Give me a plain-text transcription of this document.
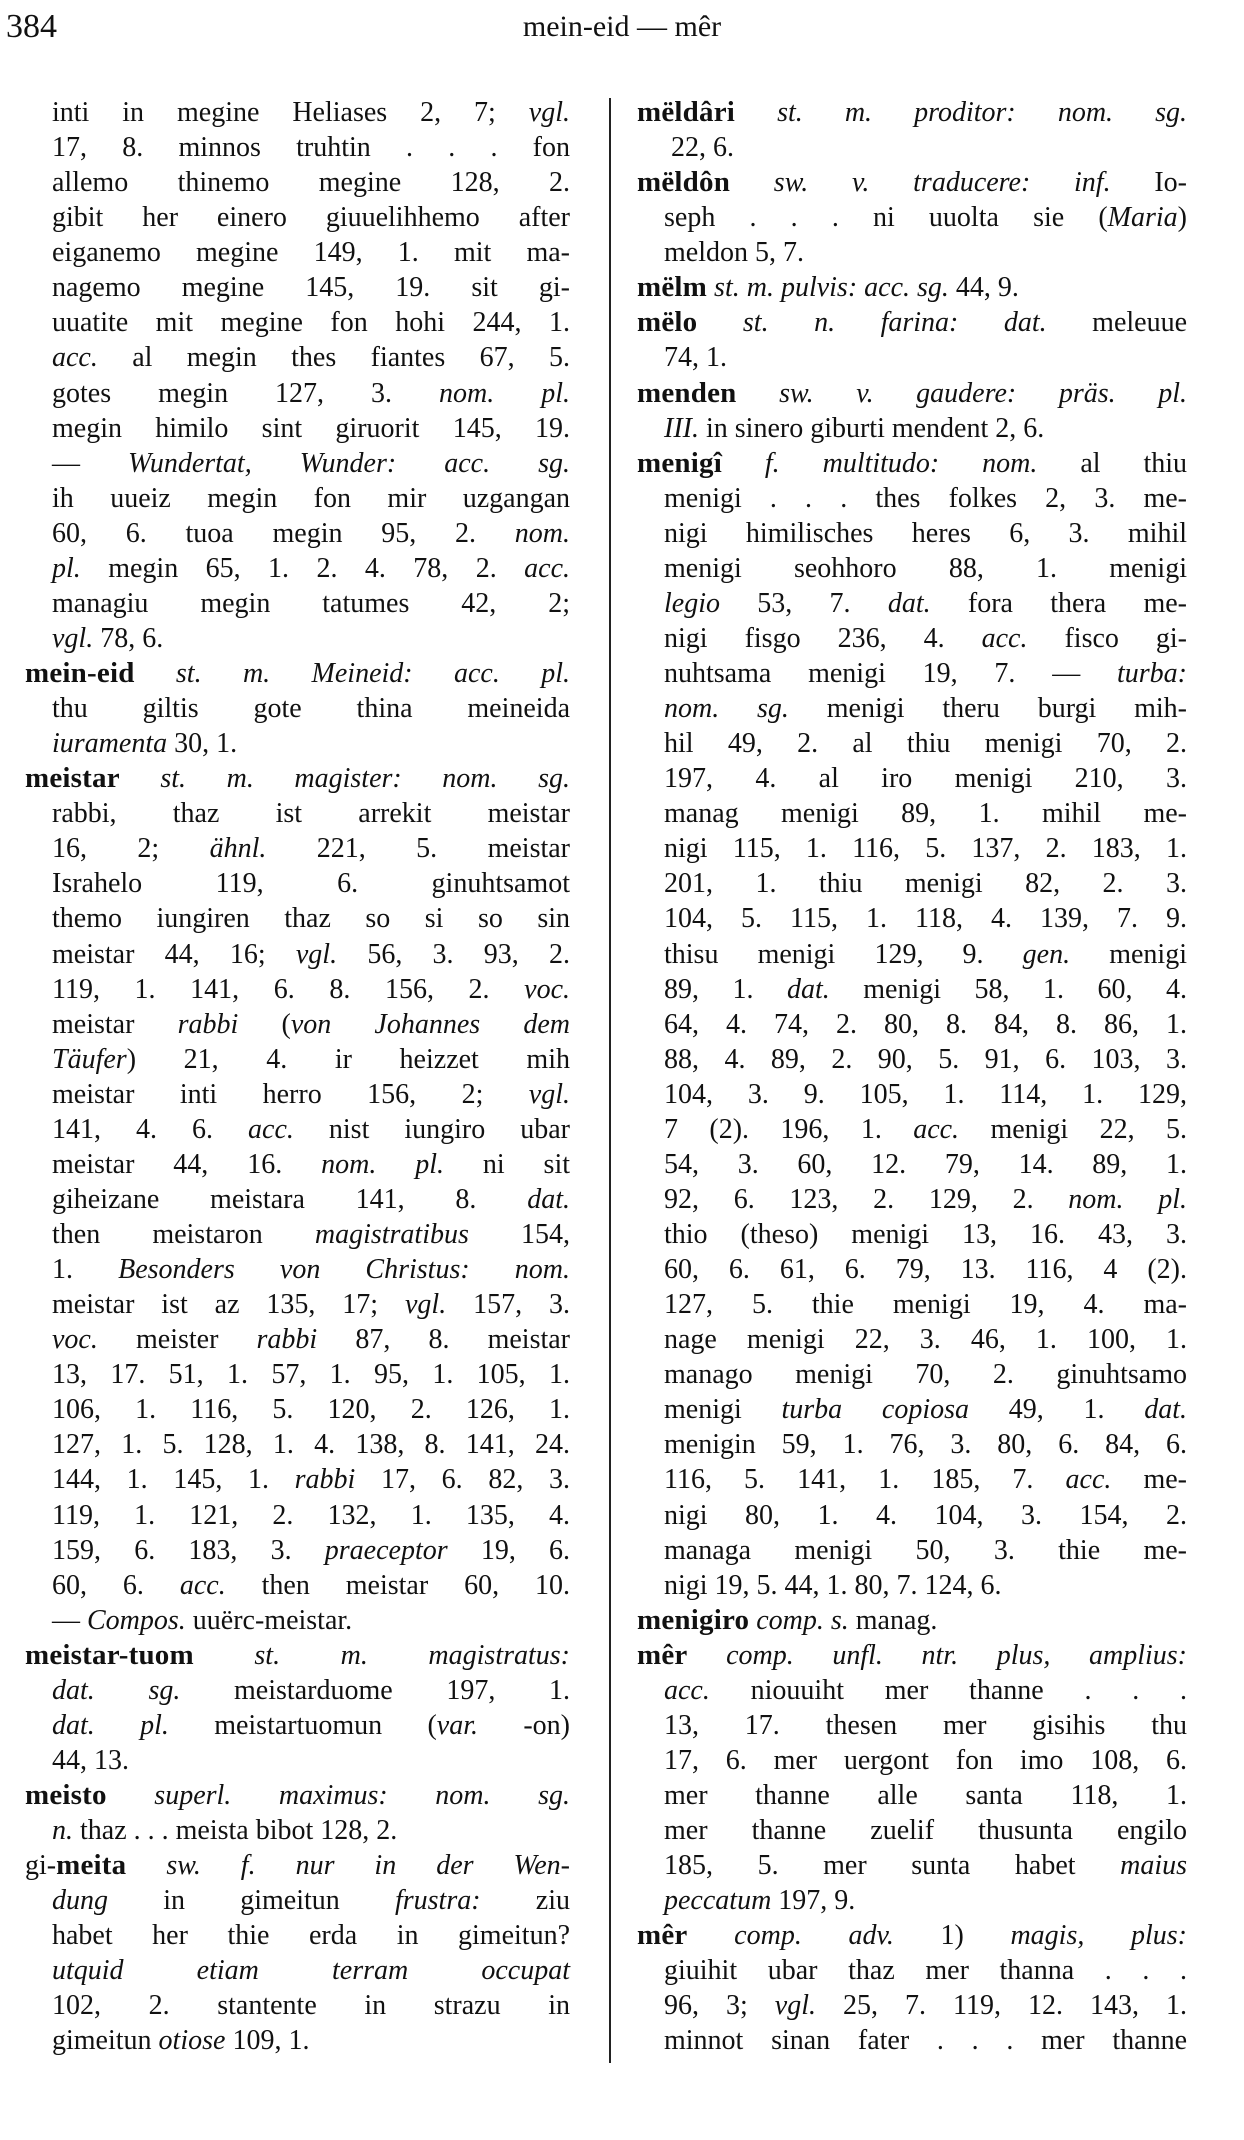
384	mein-eid — mêr
inti in megine Heliases 2, 7; vgl.
17, 8. minnos truhtin . . . fon
allemo thinemo megine 128, 2.
gibit her einero giuuelihhemo after
eiganemo megine 149, 1. mit ma-
nagemo megine 145, 19. sit gi-
uuatite mit megine fon hohi 244, 1.
acc. al megin thes fiantes 67, 5.
gotes megin 127, 3. nom. pl.
megin himilo sint giruorit 145, 19.
— Wundertat, Wunder: acc. sg.
ih uueiz megin fon mir uzgangan
60, 6. tuoa megin 95, 2. nom.
pl. megin 65, 1. 2. 4. 78, 2. acc.
managiu megin tatumes 42, 2;
vgl. 78, 6.
mein-eid st. m. Meineid: acc. pl.
thu giltis gote thina meineida
iuramenta 30, 1.
meistar st. m. magister: nom. sg.
rabbi, thaz ist arrekit meistar
16, 2; ähnl. 221, 5. meistar
Israhelo 119, 6. ginuhtsamot
themo iungiren thaz so si so sin
meistar 44, 16; vgl. 56, 3. 93, 2.
119, 1. 141, 6. 8. 156, 2. voc.
meistar rabbi (von Johannes dem
Täufer) 21, 4. ir heizzet mih
meistar inti herro 156, 2; vgl.
141, 4. 6. acc. nist iungiro ubar
meistar 44, 16. nom. pl. ni sit
giheizane meistara 141, 8. dat.
then meistaron magistratibus 154,
1. Besonders von Christus: nom.
meistar ist az 135, 17; vgl. 157, 3.
voc. meister rabbi 87, 8. meistar
13, 17. 51, 1. 57, 1. 95, 1. 105, 1.
106, 1. 116, 5. 120, 2. 126, 1.
127, 1. 5. 128, 1. 4. 138, 8. 141, 24.
144, 1. 145, 1. rabbi 17, 6. 82, 3.
119, 1. 121, 2. 132, 1. 135, 4.
159, 6. 183, 3. praeceptor 19, 6.
60, 6. acc. then meistar 60, 10.
— Compos. uuërc-meistar.
meistar-tuom st. m. magistratus:
dat. sg. meistarduome 197, 1.
dat. pl. meistartuomun (var. -on)
44, 13.
meisto superl. maximus: nom. sg.
n. thaz . . . meista bibot 128, 2.
gi-meita sw. f. nur in der Wen-
dung in gimeitun frustra: ziu
habet her thie erda in gimeitun?
utquid etiam terram occupat
102, 2. stantente in strazu in
gimeitun otiose 109, 1.
mëldâri st. m. proditor: nom. sg.
22, 6.
mëldôn sw. v. traducere: inf. Io-
seph . . . ni uuolta sie (Maria)
meldon 5, 7.
mëlm st. m. pulvis: acc. sg. 44, 9.
mëlo st. n. farina: dat. meleuue
74, 1.
menden sw. v. gaudere: präs. pl.
III. in sinero giburti mendent 2, 6.
menigî f. multitudo: nom. al thiu
menigi . . . thes folkes 2, 3. me-
nigi himilisches heres 6, 3. mihil
menigi seohhoro 88, 1. menigi
legio 53, 7. dat. fora thera me-
nigi fisgo 236, 4. acc. fisco gi-
nuhtsama menigi 19, 7. — turba:
nom. sg. menigi theru burgi mih-
hil 49, 2. al thiu menigi 70, 2.
197, 4. al iro menigi 210, 3.
manag menigi 89, 1. mihil me-
nigi 115, 1. 116, 5. 137, 2. 183, 1.
201, 1. thiu menigi 82, 2. 3.
104, 5. 115, 1. 118, 4. 139, 7. 9.
thisu menigi 129, 9. gen. menigi
89, 1. dat. menigi 58, 1. 60, 4.
64, 4. 74, 2. 80, 8. 84, 8. 86, 1.
88, 4. 89, 2. 90, 5. 91, 6. 103, 3.
104, 3. 9. 105, 1. 114, 1. 129,
7 (2). 196, 1. acc. menigi 22, 5.
54, 3. 60, 12. 79, 14. 89, 1.
92, 6. 123, 2. 129, 2. nom. pl.
thio (theso) menigi 13, 16. 43, 3.
60, 6. 61, 6. 79, 13. 116, 4 (2).
127, 5. thie menigi 19, 4. ma-
nage menigi 22, 3. 46, 1. 100, 1.
manago menigi 70, 2. ginuhtsamo
menigi turba copiosa 49, 1. dat.
menigin 59, 1. 76, 3. 80, 6. 84, 6.
116, 5. 141, 1. 185, 7. acc. me-
nigi 80, 1. 4. 104, 3. 154, 2.
managa menigi 50, 3. thie me-
nigi 19, 5. 44, 1. 80, 7. 124, 6.
menigiro comp. s. manag.
mêr comp. unfl. ntr. plus, amplius:
acc. niouuiht mer thanne . . .
13, 17. thesen mer gisihis thu
17, 6. mer uergont fon imo 108, 6.
mer thanne alle santa 118, 1.
mer thanne zuelif thusunta engilo
185, 5. mer sunta habet maius
peccatum 197, 9.
mêr comp. adv. 1) magis, plus:
giuihit ubar thaz mer thanna . . .
96, 3; vgl. 25, 7. 119, 12. 143, 1.
minnot sinan fater . . . mer thanne
